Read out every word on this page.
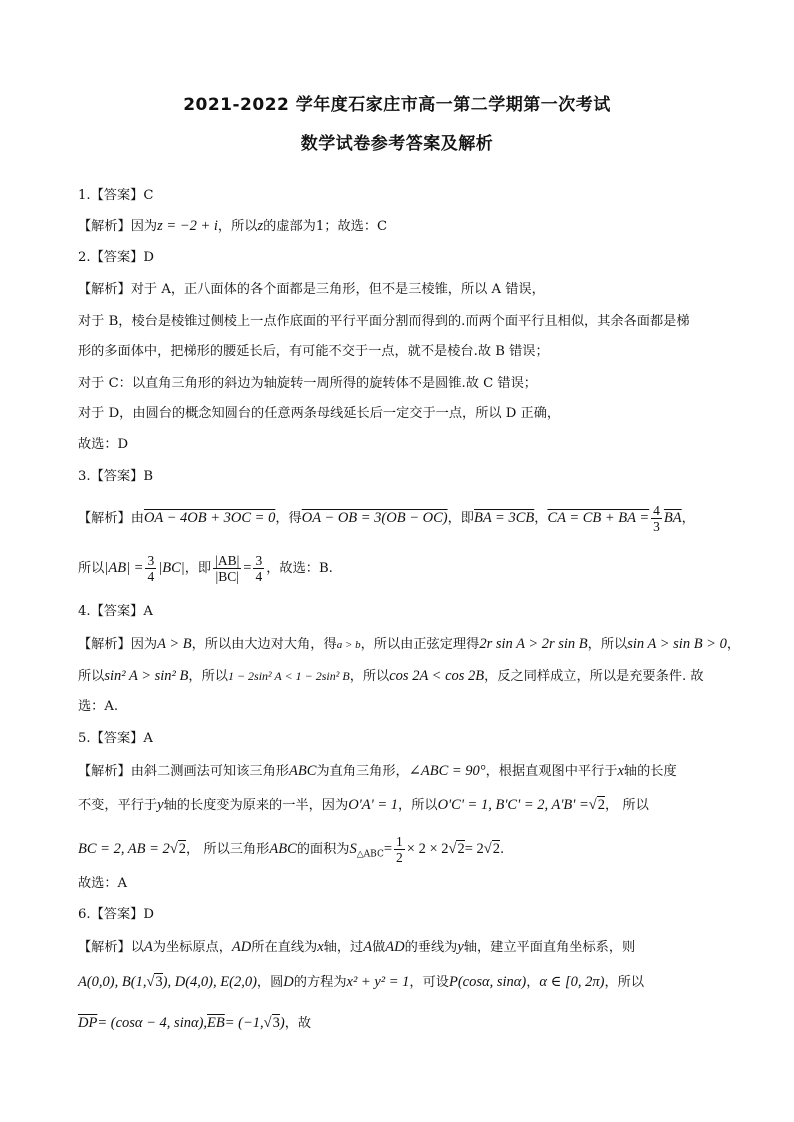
2021-2022 学年度石家庄市高一第二学期第一次考试
数学试卷参考答案及解析
1.【答案】C
【解析】因为z = −2 + i，所以z的虚部为1；故选：C
2.【答案】D
【解析】对于 A，正八面体的各个面都是三角形，但不是三棱锥，所以 A 错误，
对于 B，棱台是棱锥过侧棱上一点作底面的平行平面分割而得到的.而两个面平行且相似，其余各面都是梯
形的多面体中，把梯形的腰延长后，有可能不交于一点，就不是棱台.故 B 错误；
对于 C：以直角三角形的斜边为轴旋转一周所得的旋转体不是圆锥.故 C 错误；
对于 D，由圆台的概念知圆台的任意两条母线延长后一定交于一点，所以 D 正确，
故选：D
3.【答案】B
【解析】由OA − 4OB + 3OC = 0，得OA − OB = 3(OB − OC)，即BA = 3CB，CA = CB + BA = $\frac{4}{3} \overline{BA}$，
所以$|AB| = \frac{3}{4} |BC|$，即 $\frac{|AB|}{|BC|} = \frac{3}{4}$ ，故选：B.
4.【答案】A
【解析】因为A > B，所以由大边对大角，得a > b，所以由正弦定理得2r sin A > 2r sin B，所以sin A > sin B > 0，
所以sin² A > sin² B，所以1 − 2sin² A < 1 − 2sin² B，所以cos 2A < cos 2B，反之同样成立，所以是充要条件. 故
选：A.
5.【答案】A
【解析】由斜二测画法可知该三角形ABC为直角三角形，∠ABC = 90°，根据直观图中平行于x轴的长度
不变，平行于y轴的长度变为原来的一半，因为O'A' = 1，所以O'C' = 1, B'C' = 2, A'B' =√2， 所以
BC = 2, AB = 2√2， 所以三角形ABC的面积为$S_{\triangle ABC}= \frac{1}{2} \times 2 \times 2√2= 2√2$.
故选：A
6.【答案】D
【解析】以A为坐标原点，AD所在直线为x轴，过A做AD的垂线为y轴，建立平面直角坐标系，则
A(0,0), B(1,√3), D(4,0), E(2,0)，圆D的方程为x² + y² = 1，可设P(cosα, sinα)，α ∈ [0, 2π)，所以
$\overline{DP}= (\cos\alpha - 4$, $\sin\alpha),\overline{EB}= (-1,√3)$，故
